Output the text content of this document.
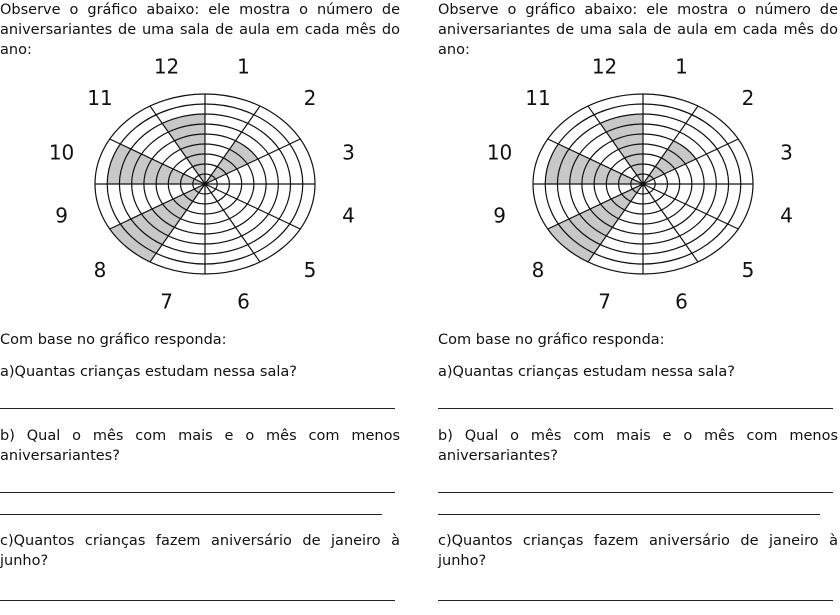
Observe o gráfico abaixo: ele mostra o número de aniversariantes de uma sala de aula em cada mês do ano:
1
2
3
4
5
6
7
8
9
10
11
12
Com base no gráfico responda:
a)Quantas crianças estudam nessa sala?
b) Qual o mês com mais e o mês com menos aniversariantes?
c)Quantos crianças fazem aniversário de janeiro à junho?
Observe o gráfico abaixo: ele mostra o número de aniversariantes de uma sala de aula em cada mês do ano:
1
2
3
4
5
6
7
8
9
10
11
12
Com base no gráfico responda:
a)Quantas crianças estudam nessa sala?
b) Qual o mês com mais e o mês com menos aniversariantes?
c)Quantos crianças fazem aniversário de janeiro à junho?
